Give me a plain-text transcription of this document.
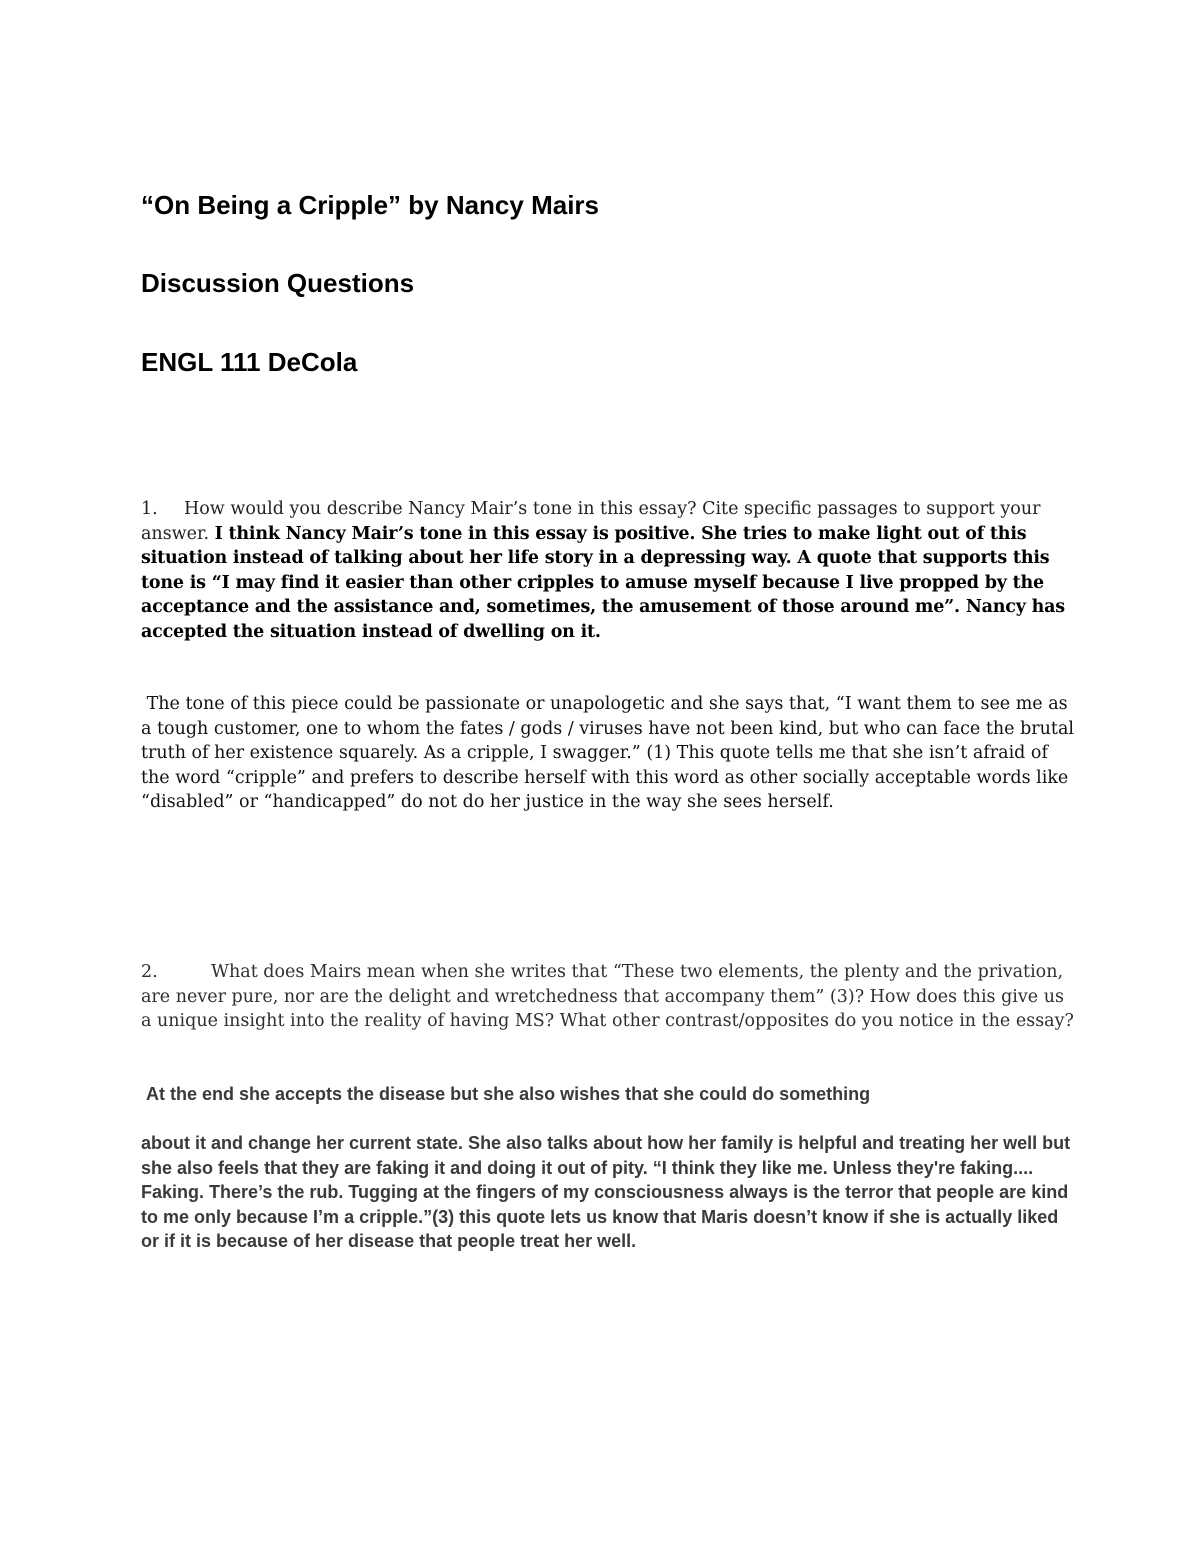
“On Being a Cripple” by Nancy Mairs
Discussion Questions
ENGL 111 DeCola

1. How would you describe Nancy Mair’s tone in this essay? Cite specific passages to support your answer. I think Nancy Mair’s tone in this essay is positive. She tries to make light out of this situation instead of talking about her life story in a depressing way. A quote that supports this tone is “I may find it easier than other cripples to amuse myself because I live propped by the acceptance and the assistance and, sometimes, the amusement of those around me”. Nancy has accepted the situation instead of dwelling on it.

The tone of this piece could be passionate or unapologetic and she says that, “I want them to see me as a tough customer, one to whom the fates / gods / viruses have not been kind, but who can face the brutal truth of her existence squarely. As a cripple, I swagger.” (1) This quote tells me that she isn’t afraid of the word “cripple” and prefers to describe herself with this word as other socially acceptable words like “disabled” or “handicapped” do not do her justice in the way she sees herself.

2.	What does Mairs mean when she writes that “These two elements, the plenty and the privation, are never pure, nor are the delight and wretchedness that accompany them” (3)? How does this give us a unique insight into the reality of having MS? What other contrast/opposites do you notice in the essay?

At the end she accepts the disease but she also wishes that she could do something

about it and change her current state. She also talks about how her family is helpful and treating her well but she also feels that they are faking it and doing it out of pity. “I think they like me. Unless they're faking.... Faking. There’s the rub. Tugging at the fingers of my consciousness always is the terror that people are kind to me only because I’m a cripple.”(3) this quote lets us know that Maris doesn’t know if she is actually liked or if it is because of her disease that people treat her well.
